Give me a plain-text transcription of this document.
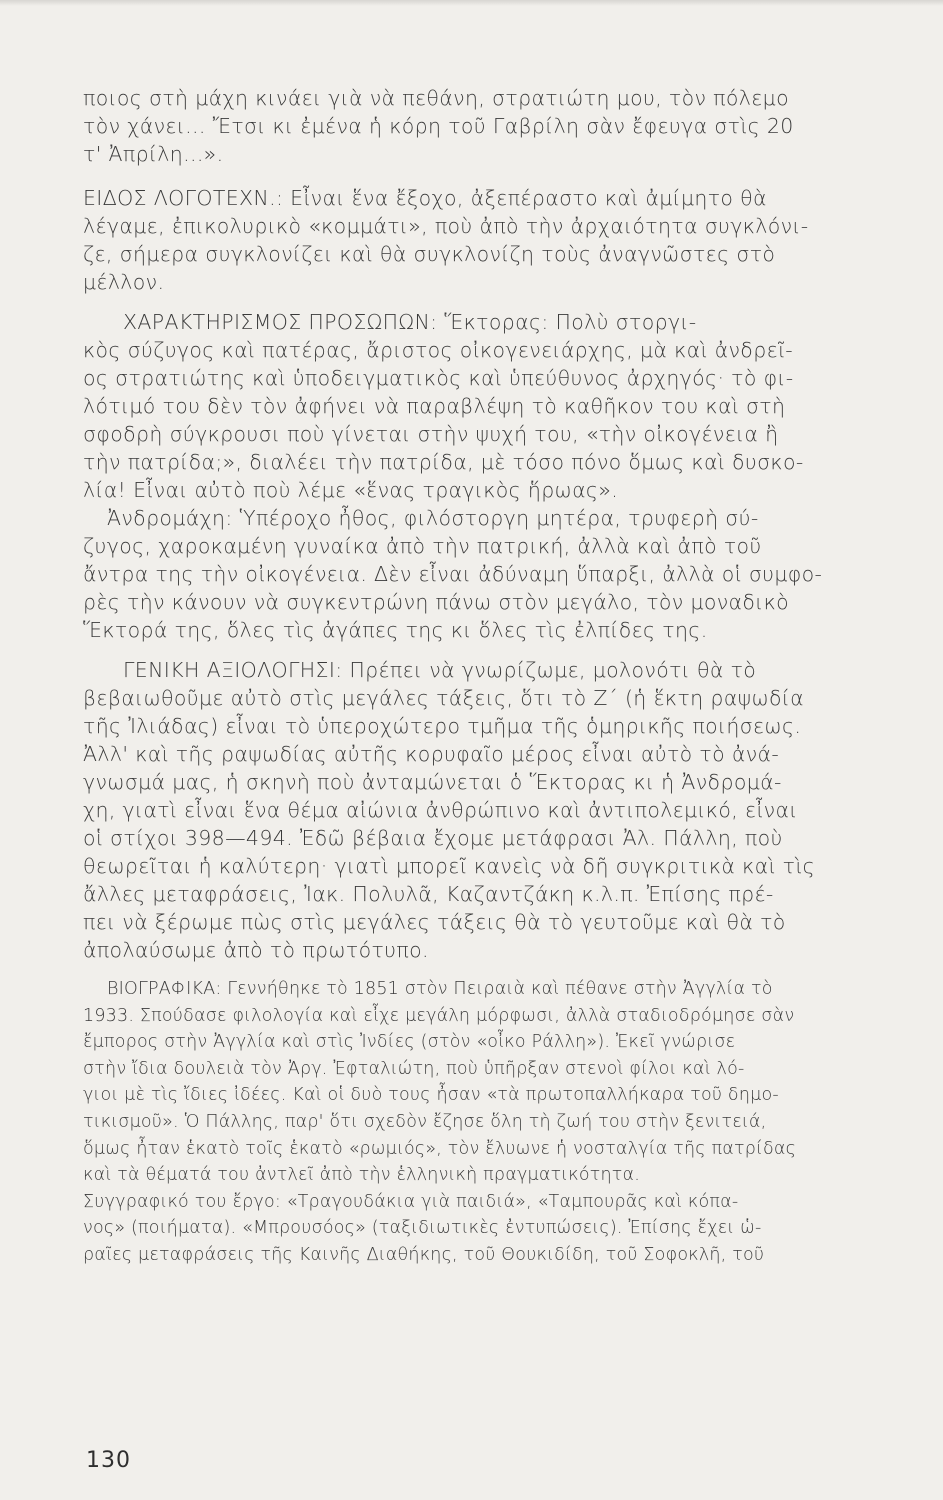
ποιος στὴ μάχη κινάει γιὰ νὰ πεθάνη, στρατιώτη μου, τὸν πόλεμο
τὸν χάνει... Ἔτσι κι ἐμένα ἡ κόρη τοῦ Γαβρίλη σὰν ἔφευγα στὶς 20
τ' Ἀπρίλη...».
ΕΙΔΟΣ ΛΟΓΟΤΕΧΝ.: Εἶναι ἕνα ἔξοχο, ἀξεπέραστο καὶ ἀμίμητο θὰ
λέγαμε, ἐπικολυρικὸ «κομμάτι», ποὺ ἀπὸ τὴν ἀρχαιότητα συγκλόνι-
ζε, σήμερα συγκλονίζει καὶ θὰ συγκλονίζη τοὺς ἀναγνῶστες στὸ
μέλλον.
ΧΑΡΑΚΤΗΡΙΣΜΟΣ ΠΡΟΣΩΠΩΝ: Ἕκτορας: Πολὺ στοργι-
κὸς σύζυγος καὶ πατέρας, ἄριστος οἰκογενειάρχης, μὰ καὶ ἀνδρεῖ-
ος στρατιώτης καὶ ὑποδειγματικὸς καὶ ὑπεύθυνος ἀρχηγός· τὸ φι-
λότιμό του δὲν τὸν ἀφήνει νὰ παραβλέψη τὸ καθῆκον του καὶ στὴ
σφοδρὴ σύγκρουσι ποὺ γίνεται στὴν ψυχή του, «τὴν οἰκογένεια ἢ
τὴν πατρίδα;», διαλέει τὴν πατρίδα, μὲ τόσο πόνο ὅμως καὶ δυσκο-
λία! Εἶναι αὐτὸ ποὺ λέμε «ἕνας τραγικὸς ἥρωας».
Ἀνδρομάχη: Ὑπέροχο ἦθος, φιλόστοργη μητέρα, τρυφερὴ σύ-
ζυγος, χαροκαμένη γυναίκα ἀπὸ τὴν πατρική, ἀλλὰ καὶ ἀπὸ τοῦ
ἄντρα της τὴν οἰκογένεια. Δὲν εἶναι ἀδύναμη ὕπαρξι, ἀλλὰ οἱ συμφο-
ρὲς τὴν κάνουν νὰ συγκεντρώνη πάνω στὸν μεγάλο, τὸν μοναδικὸ
Ἕκτορά της, ὅλες τὶς ἀγάπες της κι ὅλες τὶς ἐλπίδες της.
ΓΕΝΙΚΗ ΑΞΙΟΛΟΓΗΣΙ: Πρέπει νὰ γνωρίζωμε, μολονότι θὰ τὸ
βεβαιωθοῦμε αὐτὸ στὶς μεγάλες τάξεις, ὅτι τὸ Ζ΄ (ἡ ἕκτη ραψωδία
τῆς Ἰλιάδας) εἶναι τὸ ὑπεροχώτερο τμῆμα τῆς ὁμηρικῆς ποιήσεως.
Ἀλλ' καὶ τῆς ραψωδίας αὐτῆς κορυφαῖο μέρος εἶναι αὐτὸ τὸ ἀνά-
γνωσμά μας, ἡ σκηνὴ ποὺ ἀνταμώνεται ὁ Ἕκτορας κι ἡ Ἀνδρομά-
χη, γιατὶ εἶναι ἕνα θέμα αἰώνια ἀνθρώπινο καὶ ἀντιπολεμικό, εἶναι
οἱ στίχοι 398—494. Ἐδῶ βέβαια ἔχομε μετάφρασι Ἀλ. Πάλλη, ποὺ
θεωρεῖται ἡ καλύτερη· γιατὶ μπορεῖ κανεὶς νὰ δῆ συγκριτικὰ καὶ τὶς
ἄλλες μεταφράσεις, Ἰακ. Πολυλᾶ, Καζαντζάκη κ.λ.π. Ἐπίσης πρέ-
πει νὰ ξέρωμε πὼς στὶς μεγάλες τάξεις θὰ τὸ γευτοῦμε καὶ θὰ τὸ
ἀπολαύσωμε ἀπὸ τὸ πρωτότυπο.
ΒΙΟΓΡΑΦΙΚΑ: Γεννήθηκε τὸ 1851 στὸν Πειραιὰ καὶ πέθανε στὴν Ἀγγλία τὸ
1933. Σπούδασε φιλολογία καὶ εἶχε μεγάλη μόρφωσι, ἀλλὰ σταδιοδρόμησε σὰν
ἔμπορος στὴν Ἀγγλία καὶ στὶς Ἰνδίες (στὸν «οἶκο Ράλλη»). Ἐκεῖ γνώρισε
στὴν ἴδια δουλειὰ τὸν Ἀργ. Ἐφταλιώτη, ποὺ ὑπῆρξαν στενοὶ φίλοι καὶ λό-
γιοι μὲ τὶς ἴδιες ἰδέες. Καὶ οἱ δυὸ τους ἦσαν «τὰ πρωτοπαλλήκαρα τοῦ δημο-
τικισμοῦ». Ὁ Πάλλης, παρ' ὅτι σχεδὸν ἔζησε ὅλη τὴ ζωή του στὴν ξενιτειά,
ὅμως ἦταν ἑκατὸ τοῖς ἑκατὸ «ρωμιός», τὸν ἔλυωνε ἡ νοσταλγία τῆς πατρίδας
καὶ τὰ θέματά του ἀντλεῖ ἀπὸ τὴν ἑλληνικὴ πραγματικότητα.
Συγγραφικό του ἔργο: «Τραγουδάκια γιὰ παιδιά», «Ταμπουρᾶς καὶ κόπα-
νος» (ποιήματα). «Μπρουσόος» (ταξιδιωτικὲς ἐντυπώσεις). Ἐπίσης ἔχει ὡ-
ραῖες μεταφράσεις τῆς Καινῆς Διαθήκης, τοῦ Θουκιδίδη, τοῦ Σοφοκλῆ, τοῦ
130
